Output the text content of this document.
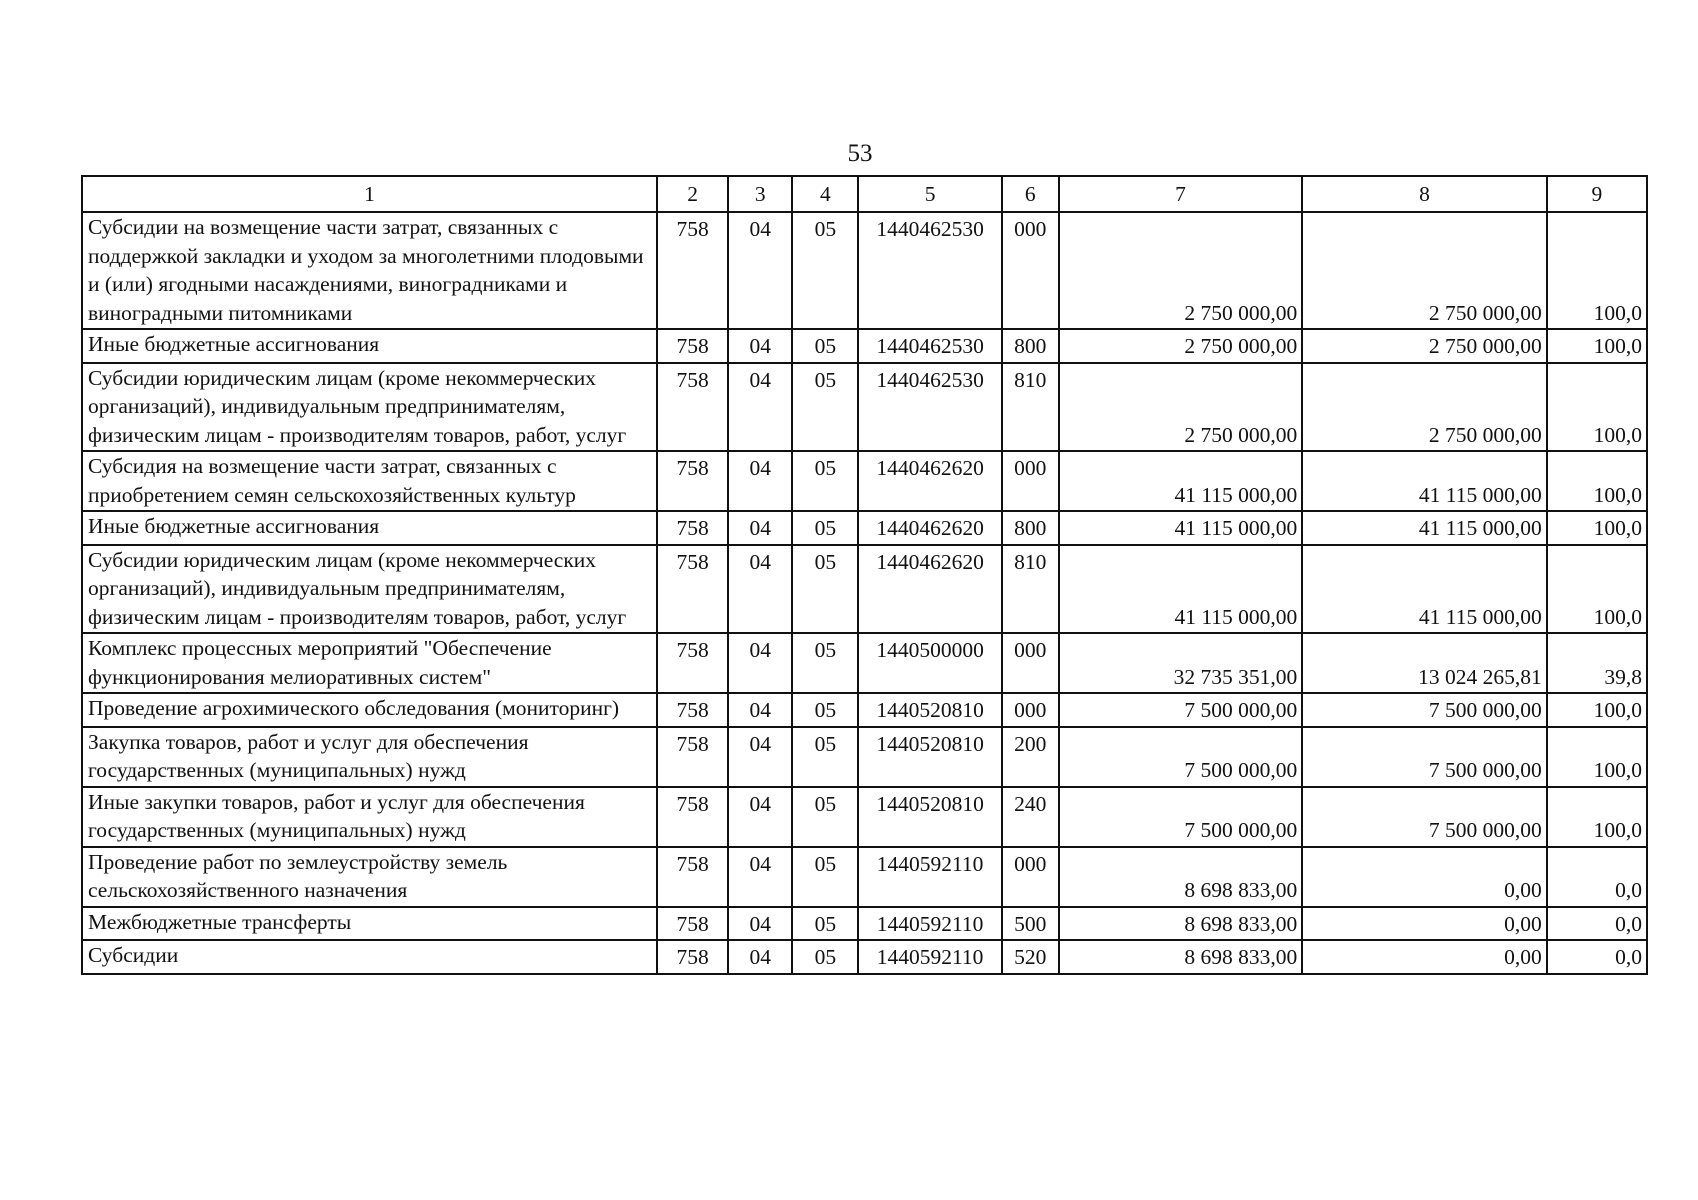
53
1	2	3	4	5	6	7	8	9
Субсидии на возмещение части затрат, связанных с поддержкой закладки и уходом за многолетними плодовыми и (или) ягодными насаждениями, виноградниками и виноградными питомниками	758	04	05	1440462530	000	2 750 000,00	2 750 000,00	100,0
Иные бюджетные ассигнования	758	04	05	1440462530	800	2 750 000,00	2 750 000,00	100,0
Субсидии юридическим лицам (кроме некоммерческих организаций), индивидуальным предпринимателям, физическим лицам - производителям товаров, работ, услуг	758	04	05	1440462530	810	2 750 000,00	2 750 000,00	100,0
Субсидия на возмещение части затрат, связанных с приобретением семян сельскохозяйственных культур	758	04	05	1440462620	000	41 115 000,00	41 115 000,00	100,0
Иные бюджетные ассигнования	758	04	05	1440462620	800	41 115 000,00	41 115 000,00	100,0
Субсидии юридическим лицам (кроме некоммерческих организаций), индивидуальным предпринимателям, физическим лицам - производителям товаров, работ, услуг	758	04	05	1440462620	810	41 115 000,00	41 115 000,00	100,0
Комплекс процессных мероприятий "Обеспечение функционирования мелиоративных систем"	758	04	05	1440500000	000	32 735 351,00	13 024 265,81	39,8
Проведение агрохимического обследования (мониторинг)	758	04	05	1440520810	000	7 500 000,00	7 500 000,00	100,0
Закупка товаров, работ и услуг для обеспечения государственных (муниципальных) нужд	758	04	05	1440520810	200	7 500 000,00	7 500 000,00	100,0
Иные закупки товаров, работ и услуг для обеспечения государственных (муниципальных) нужд	758	04	05	1440520810	240	7 500 000,00	7 500 000,00	100,0
Проведение работ по землеустройству земель сельскохозяйственного назначения	758	04	05	1440592110	000	8 698 833,00	0,00	0,0
Межбюджетные трансферты	758	04	05	1440592110	500	8 698 833,00	0,00	0,0
Субсидии	758	04	05	1440592110	520	8 698 833,00	0,00	0,0
